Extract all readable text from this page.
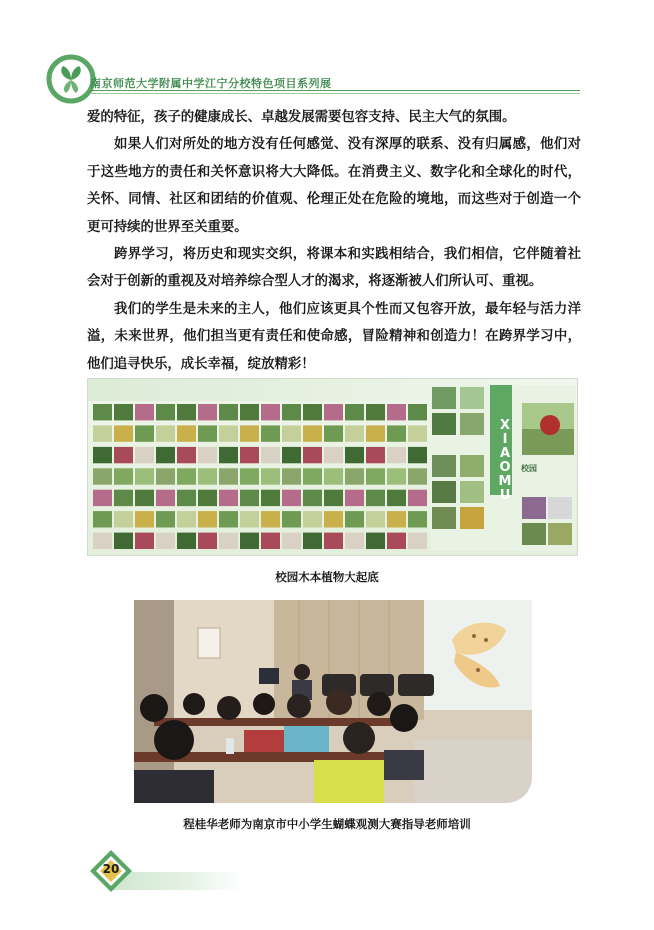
南京师范大学附属中学江宁分校特色项目系列展

爱的特征，孩子的健康成长、卓越发展需要包容支持、民主大气的氛围。

如果人们对所处的地方没有任何感觉、没有深厚的联系、没有归属感，他们对于这些地方的责任和关怀意识将大大降低。在消费主义、数字化和全球化的时代，关怀、同情、社区和团结的价值观、伦理正处在危险的境地，而这些对于创造一个更可持续的世界至关重要。

跨界学习，将历史和现实交织，将课本和实践相结合，我们相信，它伴随着社会对于创新的重视及对培养综合型人才的渴求，将逐渐被人们所认可、重视。

我们的学生是未来的主人，他们应该更具个性而又包容开放，最年轻与活力洋溢，未来世界，他们担当更有责任和使命感，冒险精神和创造力！在跨界学习中，他们追寻快乐，成长幸福，绽放精彩！

XIAOMU
校园
校园木本植物大起底
程桂华老师为南京市中小学生蝴蝶观测大赛指导老师培训
20
